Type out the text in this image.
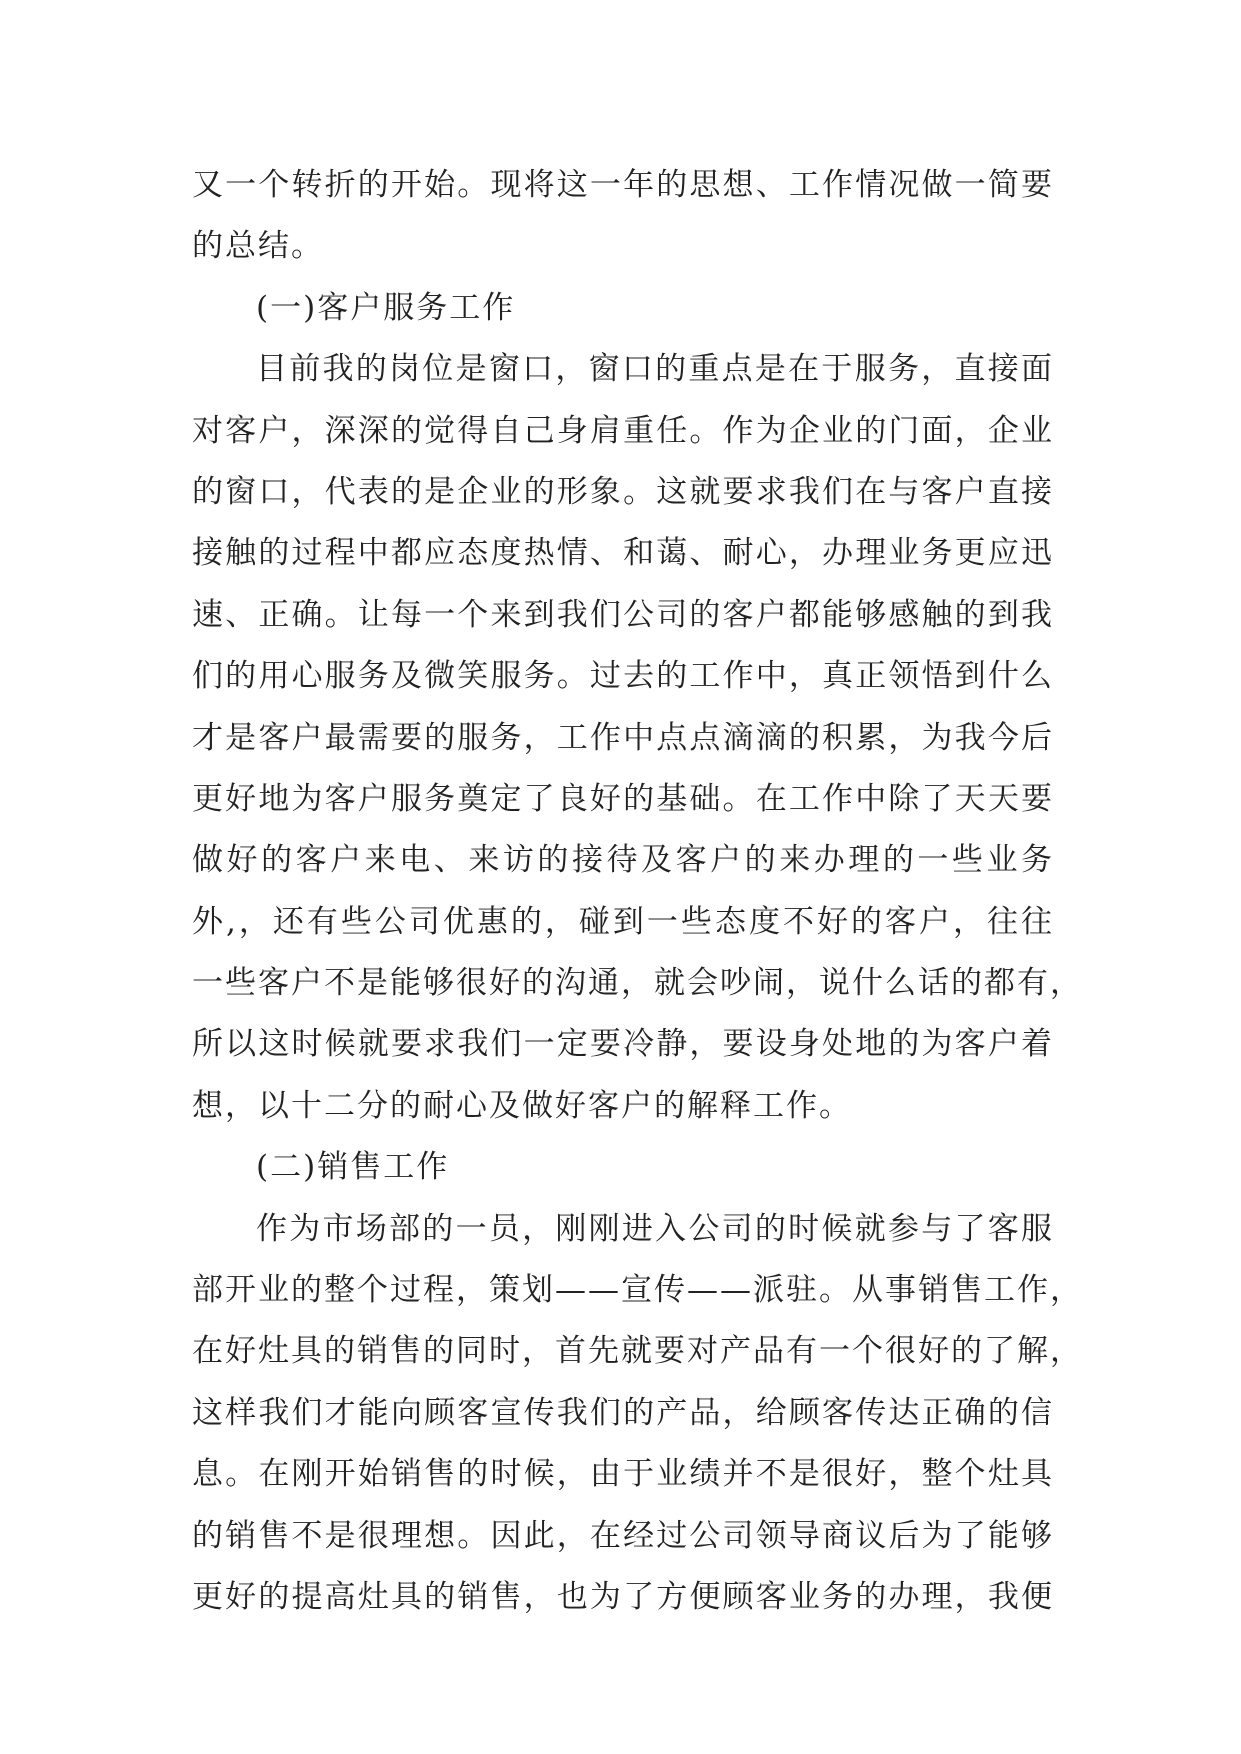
又一个转折的开始。现将这一年的思想、工作情况做一简要
的总结。
(一)客户服务工作
目前我的岗位是窗口，窗口的重点是在于服务，直接面
对客户，深深的觉得自己身肩重任。作为企业的门面，企业
的窗口，代表的是企业的形象。这就要求我们在与客户直接
接触的过程中都应态度热情、和蔼、耐心，办理业务更应迅
速、正确。让每一个来到我们公司的客户都能够感触的到我
们的用心服务及微笑服务。过去的工作中，真正领悟到什么
才是客户最需要的服务，工作中点点滴滴的积累，为我今后
更好地为客户服务奠定了良好的基础。在工作中除了天天要
做好的客户来电、来访的接待及客户的来办理的一些业务
外,，还有些公司优惠的，碰到一些态度不好的客户，往往
一些客户不是能够很好的沟通，就会吵闹，说什么话的都有，
所以这时候就要求我们一定要冷静，要设身处地的为客户着
想，以十二分的耐心及做好客户的解释工作。
(二)销售工作
作为市场部的一员，刚刚进入公司的时候就参与了客服
部开业的整个过程，策划——宣传——派驻。从事销售工作，
在好灶具的销售的同时，首先就要对产品有一个很好的了解，
这样我们才能向顾客宣传我们的产品，给顾客传达正确的信
息。在刚开始销售的时候，由于业绩并不是很好，整个灶具
的销售不是很理想。因此，在经过公司领导商议后为了能够
更好的提高灶具的销售，也为了方便顾客业务的办理，我便
